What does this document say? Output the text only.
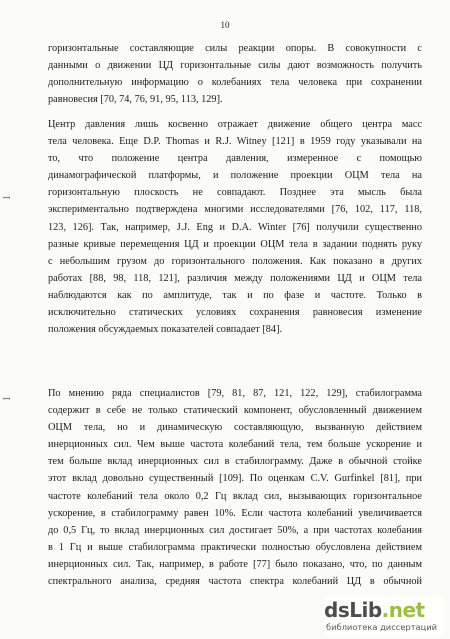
10
горизонтальные составляющие силы реакции опоры. В совокупности с
данными о движении ЦД горизонтальные силы дают возможность получить
дополнительную информацию о колебаниях тела человека при сохранении
равновесия [70, 74, 76, 91, 95, 113, 129].
Центр давления лишь косвенно отражает движение общего центра масс
тела человека. Еще D.P. Thomas и R.J. Witney [121] в 1959 году указывали на
то, что положение центра давления, измеренное с помощью
динамографической платформы, и положение проекции ОЦМ тела на
горизонтальную плоскость не совпадают. Позднее эта мысль была
экспериментально подтверждена многими исследователями [76, 102, 117, 118,
123, 126]. Так, например, J.J. Eng и D.A. Winter [76] получили существенно
разные кривые перемещения ЦД и проекции ОЦМ тела в задании поднять руку
с небольшим грузом до горизонтального положения. Как показано в других
работах [88, 98, 118, 121], различия между положениями ЦД и ОЦМ тела
наблюдаются как по амплитуде, так и по фазе и частоте. Только в
исключительно статических условиях сохранения равновесия изменение
положения обсуждаемых показателей совпадает [84].
По мнению ряда специалистов [79, 81, 87, 121, 122, 129], стабилограмма
содержит в себе не только статический компонент, обусловленный движением
ОЦМ тела, но и динамическую составляющую, вызванную действием
инерционных сил. Чем выше частота колебаний тела, тем больше ускорение и
тем больше вклад инерционных сил в стабилограмму. Даже в обычной стойке
этот вклад довольно существенный [109]. По оценкам C.V. Gurfinkel [81], при
частоте колебаний тела около 0,2 Гц вклад сил, вызывающих горизонтальное
ускорение, в стабилограмму равен 10%. Если частота колебаний увеличивается
до 0,5 Гц, то вклад инерционных сил достигает 50%, а при частотах колебания
в 1 Гц и выше стабилограмма практически полностью обусловлена действием
инерционных сил. Так, например, в работе [77] было показано, что, по данным
спектрального анализа, средняя частота спектра колебаний ЦД в обычной
ꟷ
ꟷ
dsLib.net
библиотека диссертаций
